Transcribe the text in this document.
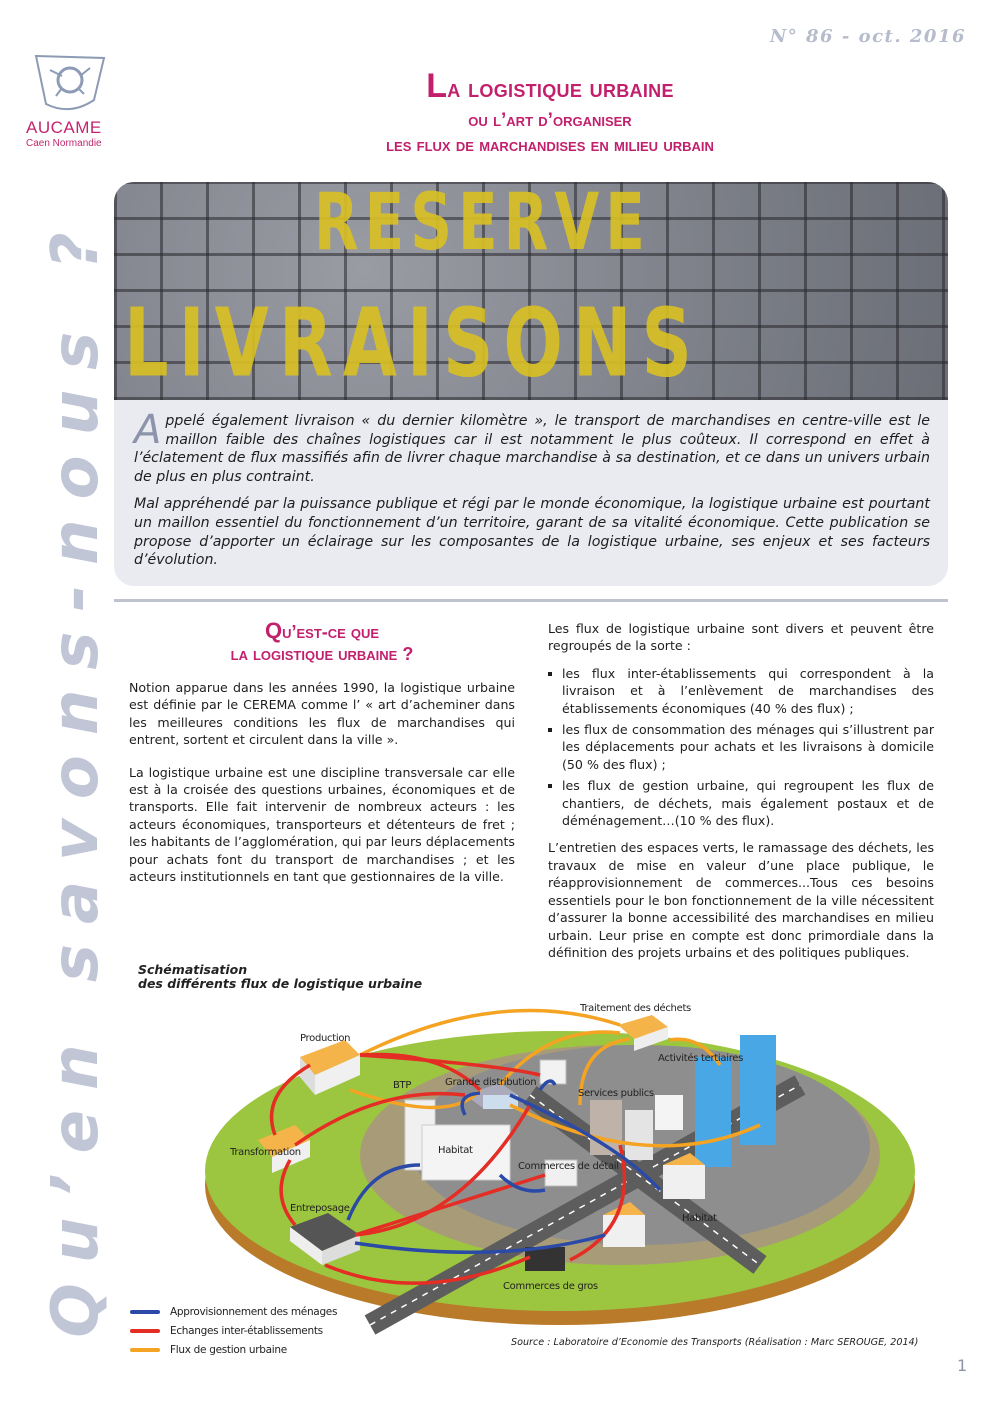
AUCAME
Caen Normandie
N° 86 - oct. 2016
La logistique urbaine
ou l’art d’organiser
les flux de marchandises en milieu urbain
Qu’en savons-nous ?	RESERVE
LIVRAISONS

Appelé également livraison « du dernier kilomètre », le transport de marchandises en centre-ville est le maillon faible des chaînes logistiques car il est notamment le plus coûteux. Il correspond en effet à l’éclatement de flux massifiés afin de livrer chaque marchandise à sa destination, et ce dans un univers urbain de plus en plus contraint.

Mal appréhendé par la puissance publique et régi par le monde économique, la logistique urbaine est pourtant un maillon essentiel du fonctionnement d’un territoire, garant de sa vitalité économique. Cette publication se propose d’apporter un éclairage sur les composantes de la logistique urbaine, ses enjeux et ses facteurs d’évolution.

Qu’est-ce que
la logistique urbaine ?

Notion apparue dans les années 1990, la logistique urbaine est définie par le CEREMA comme l’ « art d’acheminer dans les meilleures conditions les flux de marchandises qui entrent, sortent et circulent dans la ville ».

La logistique urbaine est une discipline transversale car elle est à la croisée des questions urbaines, économiques et de transports. Elle fait intervenir de nombreux acteurs : les acteurs économiques, transporteurs et détenteurs de fret ; les habitants de l’agglomération, qui par leurs déplacements pour achats font du transport de marchandises ; et les acteurs institutionnels en tant que gestionnaires de la ville.

Les flux de logistique urbaine sont divers et peuvent être regroupés de la sorte :

les flux inter-établissements qui correspondent à la livraison et à l’enlèvement de marchandises des établissements économiques (40 % des flux) ;
les flux de consommation des ménages qui s’illustrent par les déplacements pour achats et les livraisons à domicile (50 % des flux) ;
les flux de gestion urbaine, qui regroupent les flux de chantiers, de déchets, mais également postaux et de déménagement…(10 % des flux).

L’entretien des espaces verts, le ramassage des déchets, les travaux de mise en valeur d’une place publique, le réapprovisionnement de commerces...Tous ces besoins essentiels pour le bon fonctionnement de la ville nécessitent d’assurer la bonne accessibilité des marchandises en milieu urbain. Leur prise en compte est donc primordiale dans la définition des projets urbains et des politiques publiques.

Schématisation
des différents flux de logistique urbaine
Production
Traitement des déchets
Activités tertiaires
BTP	Grande distribution
Services publics
Transformation	Habitat
Commerces de détail
Entreposage
Habitat
Commerces de gros
Approvisionnement des ménages
Echanges inter-établissements
Flux de gestion urbaine
Source : Laboratoire d’Economie des Transports (Réalisation : Marc SEROUGE, 2014)
1
